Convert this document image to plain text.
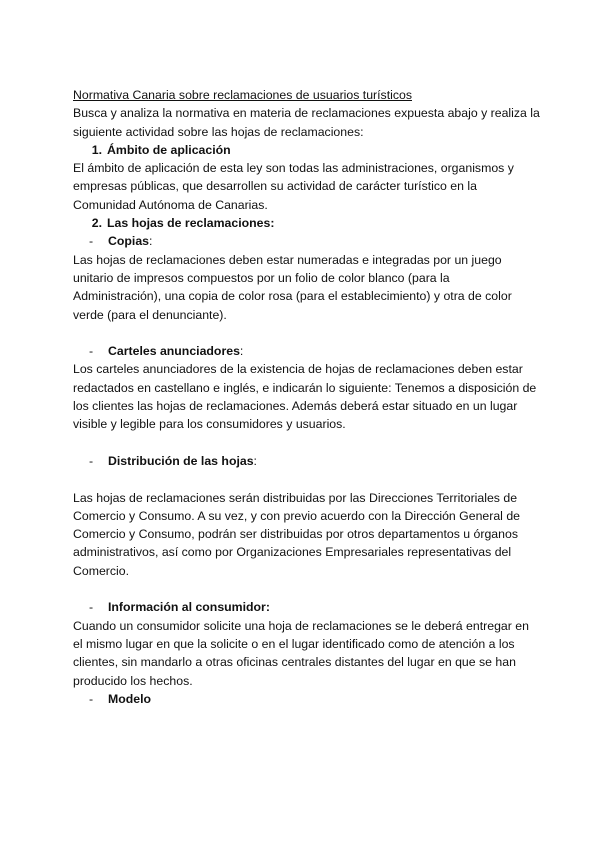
Normativa Canaria sobre reclamaciones de usuarios turísticos

Busca y analiza la normativa en materia de reclamaciones expuesta abajo y realiza la siguiente actividad sobre las hojas de reclamaciones:

1. Ámbito de aplicación

El ámbito de aplicación de esta ley son todas las administraciones, organismos y empresas públicas, que desarrollen su actividad de carácter turístico en la Comunidad Autónoma de Canarias.

2. Las hojas de reclamaciones:
-	Copias:

Las hojas de reclamaciones deben estar numeradas e integradas por un juego unitario de impresos compuestos por un folio de color blanco (para la Administración), una copia de color rosa (para el establecimiento) y otra de color verde (para el denunciante).

-	Carteles anunciadores:

Los carteles anunciadores de la existencia de hojas de reclamaciones deben estar redactados en castellano e inglés, e indicarán lo siguiente: Tenemos a disposición de los clientes las hojas de reclamaciones. Además deberá estar situado en un lugar visible y legible para los consumidores y usuarios.

-	Distribución de las hojas:

Las hojas de reclamaciones serán distribuidas por las Direcciones Territoriales de Comercio y Consumo. A su vez, y con previo acuerdo con la Dirección General de Comercio y Consumo, podrán ser distribuidas por otros departamentos u órganos administrativos, así como por Organizaciones Empresariales representativas del Comercio.

-	Información al consumidor:

Cuando un consumidor solicite una hoja de reclamaciones se le deberá entregar en el mismo lugar en que la solicite o en el lugar identificado como de atención a los clientes, sin mandarlo a otras oficinas centrales distantes del lugar en que se han producido los hechos.

-	Modelo
